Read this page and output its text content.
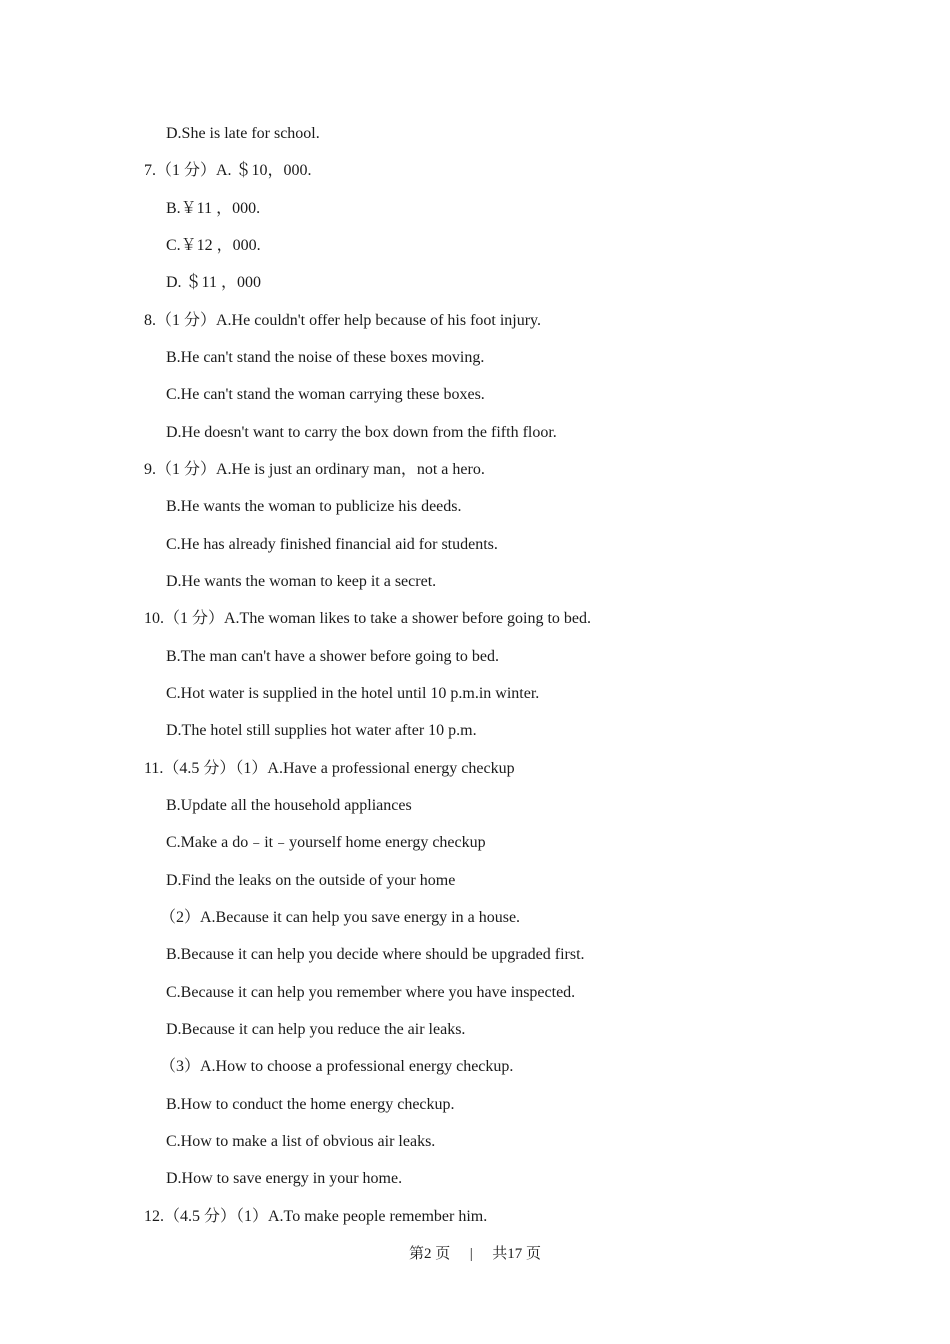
D.She is late for school.
7.（1 分）A. ＄10，000.
B.￥11 ，000.
C.￥12 ，000.
D. ＄11 ，000
8.（1 分）A.He couldn't offer help because of his foot injury.
B.He can't stand the noise of these boxes moving.
C.He can't stand the woman carrying these boxes.
D.He doesn't want to carry the box down from the fifth floor.
9.（1 分）A.He is just an ordinary man，not a hero.
B.He wants the woman to publicize his deeds.
C.He has already finished financial aid for students.
D.He wants the woman to keep it a secret.
10.（1 分）A.The woman likes to take a shower before going to bed.
B.The man can't have a shower before going to bed.
C.Hot water is supplied in the hotel until 10 p.m.in winter.
D.The hotel still supplies hot water after 10 p.m.
11.（4.5 分）（1）A.Have a professional energy checkup
B.Update all the household appliances
C.Make a do﹣it﹣yourself home energy checkup
D.Find the leaks on the outside of your home
（2）A.Because it can help you save energy in a house.
B.Because it can help you decide where should be upgraded first.
C.Because it can help you remember where you have inspected.
D.Because it can help you reduce the air leaks.
（3）A.How to choose a professional energy checkup.
B.How to conduct the home energy checkup.
C.How to make a list of obvious air leaks.
D.How to save energy in your home.
12.（4.5 分）（1）A.To make people remember him.
第2 页 | 共17 页
